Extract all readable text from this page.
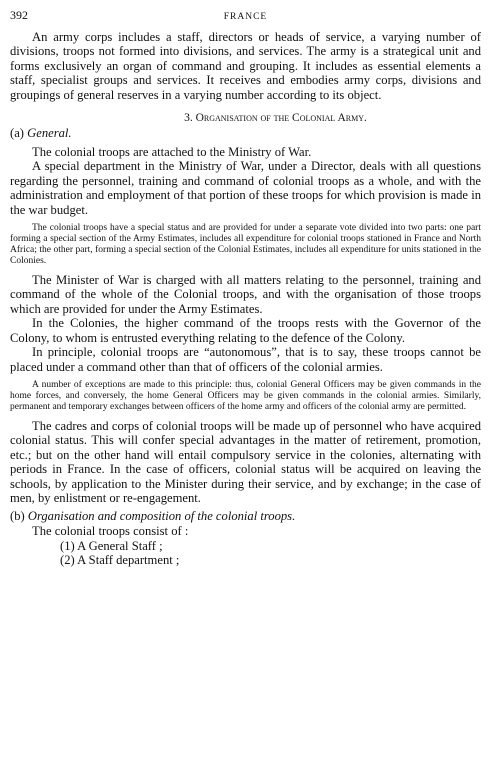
392	FRANCE

An army corps includes a staff, directors or heads of service, a varying number of divisions, troops not formed into divisions, and services. The army is a strategical unit and forms exclusively an organ of command and grouping. It includes as essential elements a staff, specialist groups and services. It receives and embodies army corps, divisions and groupings of general reserves in a varying number according to its object.

3. Organisation of the Colonial Army.
(a) General.

The colonial troops are attached to the Ministry of War.

A special department in the Ministry of War, under a Director, deals with all questions regarding the personnel, training and command of colonial troops as a whole, and with the administration and employment of that portion of these troops for which provision is made in the war budget.

The colonial troops have a special status and are provided for under a separate vote divided into two parts: one part forming a special section of the Army Estimates, includes all expenditure for colonial troops stationed in France and North Africa; the other part, forming a special section of the Colonial Estimates, includes all expenditure for units stationed in the Colonies.

The Minister of War is charged with all matters relating to the personnel, training and command of the whole of the Colonial troops, and with the organisation of those troops which are provided for under the Army Estimates.

In the Colonies, the higher command of the troops rests with the Governor of the Colony, to whom is entrusted everything relating to the defence of the Colony.

In principle, colonial troops are “autonomous”, that is to say, these troops cannot be placed under a command other than that of officers of the colonial armies.

A number of exceptions are made to this principle: thus, colonial General Officers may be given commands in the home forces, and conversely, the home General Officers may be given commands in the colonial armies. Similarly, permanent and temporary exchanges between officers of the home army and officers of the colonial army are permitted.

The cadres and corps of colonial troops will be made up of personnel who have acquired colonial status. This will confer special advantages in the matter of retirement, promotion, etc.; but on the other hand will entail compulsory service in the colonies, alternating with periods in France. In the case of officers, colonial status will be acquired on leaving the schools, by application to the Minister during their service, and by exchange; in the case of men, by enlistment or re-engagement.

(b) Organisation and composition of the colonial troops.

The colonial troops consist of :

(1) A General Staff ;
(2) A Staff department ;
